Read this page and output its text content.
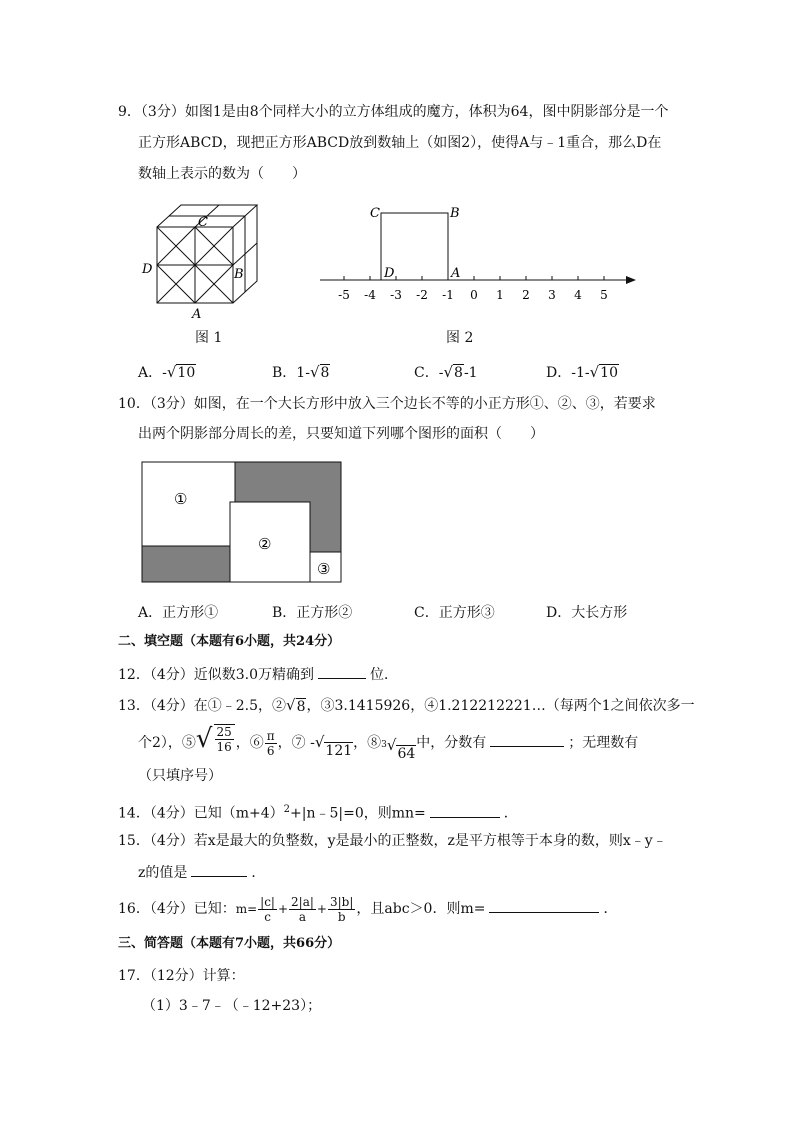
9．（3分）如图1是由8个同样大小的立方体组成的魔方，体积为64，图中阴影部分是一个
正方形ABCD，现把正方形ABCD放到数轴上（如图2），使得A与﹣1重合，那么D在
数轴上表示的数为（　　）
C
D	B
A
图 1
-5 -4 -3 -2 -1 0 1 2 3 4 5
C	B
D	A
图 2
A．- √ 10	B．1- √ 8	C．- √ 8 -1	D．-1- √ 10
10．（3分）如图，在一个大长方形中放入三个边长不等的小正方形①、②、③，若要求
出两个阴影部分周长的差，只要知道下列哪个图形的面积（　　）
①
②
③
A．正方形①	B．正方形②	C．正方形③	D．大长方形
二、填空题（本题有6小题，共24分）
12．（4分）近似数3.0万精确到	位．
13．（4分）在①﹣2.5，② √ 8 ，③3.1415926，④1.212212221…（每两个1之间依次多一
个2），⑤ √ $\frac{25}{16}$ ，⑥ $\frac{\pi}{6}$ ，⑦ - √ 121 ，⑧ 3 √ 64
中，分数有	；无理数有
（只填序号）
14．（4分）已知$(m+4)^2+|n﹣5|=0$，则mn=	．
15．（4分）若x是最大的负整数，y是最小的正整数，z是平方根等于本身的数，则x﹣y﹣
z的值是	．
16．（4分）已知：$m= \frac{|c|}{c} + \frac{2|a|}{a} + \frac{3|b|}{b}$ ，且abc＞0．则m=	．
三、简答题（本题有7小题，共66分）
17．（12分）计算：
（1）3﹣7﹣（﹣12+23）；
